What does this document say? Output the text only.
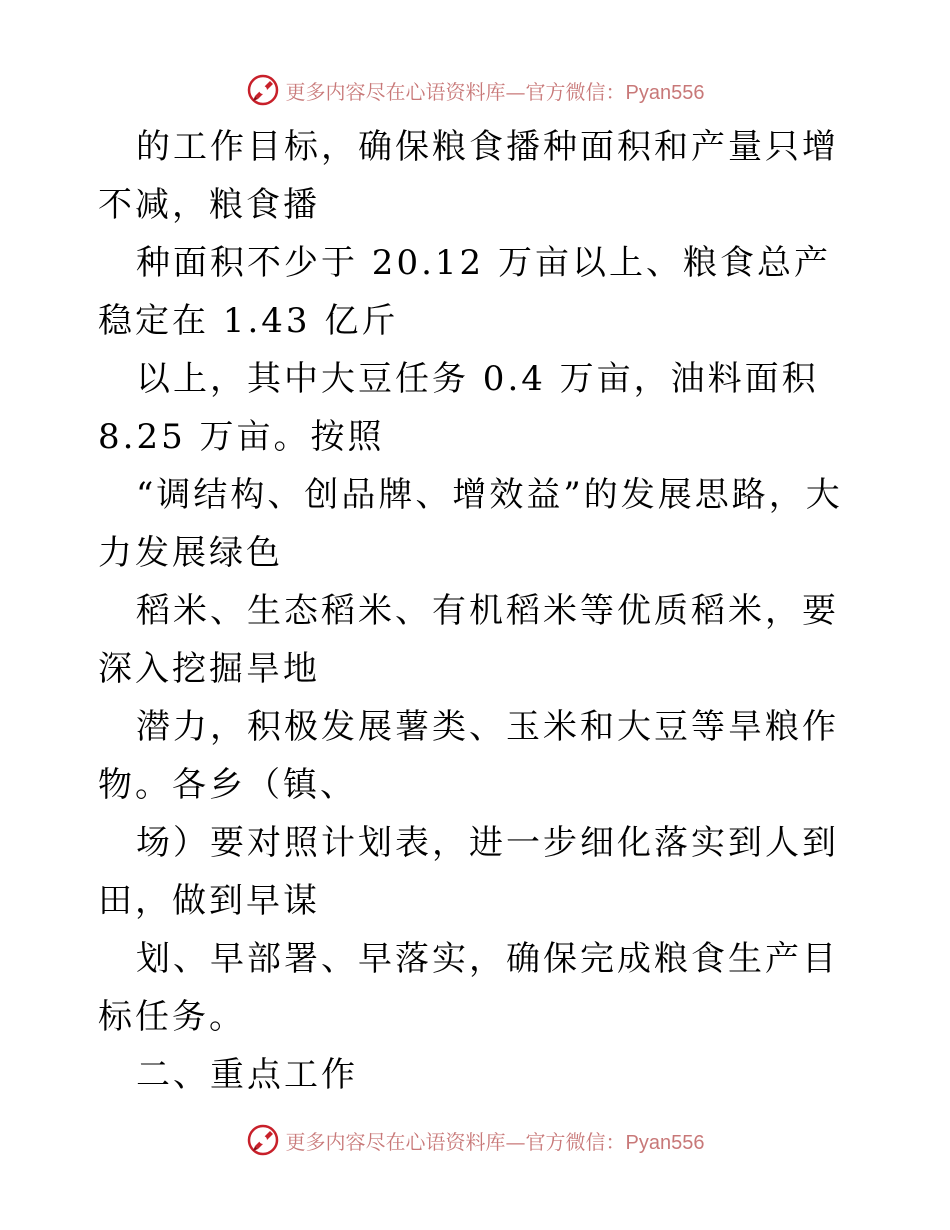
更多内容尽在心语资料库—官方微信：Pyan556

的工作目标，确保粮食播种面积和产量只增不减，粮食播

种面积不少于 20.12 万亩以上、粮食总产稳定在 1.43 亿斤

以上，其中大豆任务 0.4 万亩，油料面积 8.25 万亩。按照

“调结构、创品牌、增效益”的发展思路，大力发展绿色

稻米、生态稻米、有机稻米等优质稻米，要深入挖掘旱地

潜力，积极发展薯类、玉米和大豆等旱粮作物。各乡（镇、

场）要对照计划表，进一步细化落实到人到田，做到早谋

划、早部署、早落实，确保完成粮食生产目标任务。

二、重点工作

更多内容尽在心语资料库—官方微信：Pyan556
